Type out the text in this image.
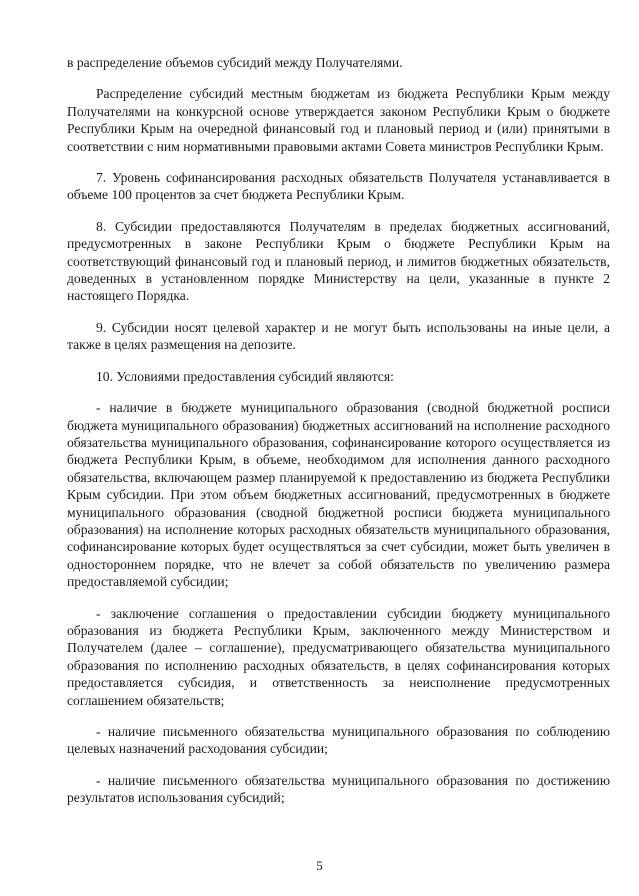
в распределение объемов субсидий между Получателями.

Распределение субсидий местным бюджетам из бюджета Республики Крым между Получателями на конкурсной основе утверждается законом Республики Крым о бюджете Республики Крым на очередной финансовый год и плановый период и (или) принятыми в соответствии с ним нормативными правовыми актами Совета министров Республики Крым.

7. Уровень софинансирования расходных обязательств Получателя устанавливается в объеме 100 процентов за счет бюджета Республики Крым.

8. Субсидии предоставляются Получателям в пределах бюджетных ассигнований, предусмотренных в законе Республики Крым о бюджете Республики Крым на соответствующий финансовый год и плановый период, и лимитов бюджетных обязательств, доведенных в установленном порядке Министерству на цели, указанные в пункте 2 настоящего Порядка.

9. Субсидии носят целевой характер и не могут быть использованы на иные цели, а также в целях размещения на депозите.

10. Условиями предоставления субсидий являются:

- наличие в бюджете муниципального образования (сводной бюджетной росписи бюджета муниципального образования) бюджетных ассигнований на исполнение расходного обязательства муниципального образования, софинансирование которого осуществляется из бюджета Республики Крым, в объеме, необходимом для исполнения данного расходного обязательства, включающем размер планируемой к предоставлению из бюджета Республики Крым субсидии. При этом объем бюджетных ассигнований, предусмотренных в бюджете муниципального образования (сводной бюджетной росписи бюджета муниципального образования) на исполнение которых расходных обязательств муниципального образования, софинансирование которых будет осуществляться за счет субсидии, может быть увеличен в одностороннем порядке, что не влечет за собой обязательств по увеличению размера предоставляемой субсидии;

- заключение соглашения о предоставлении субсидии бюджету муниципального образования из бюджета Республики Крым, заключенного между Министерством и Получателем (далее – соглашение), предусматривающего обязательства муниципального образования по исполнению расходных обязательств, в целях софинансирования которых предоставляется субсидия, и ответственность за неисполнение предусмотренных соглашением обязательств;

- наличие письменного обязательства муниципального образования по соблюдению целевых назначений расходования субсидии;

- наличие письменного обязательства муниципального образования по достижению результатов использования субсидий;

5
